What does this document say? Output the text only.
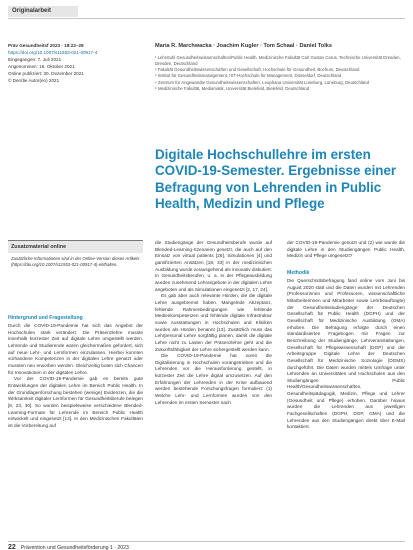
Originalarbeit
Präv Gesundheitsf 2023 · 18:22–29
https://doi.org/10.1007/s11553-021-00917-4
Eingegangen: 7. Juli 2021
Angenommen: 16. Oktober 2021
Online publiziert: 30. Dezember 2021
© Der/die Autor(en) 2021
Maria R. Marchwacka · Joachim Kugler · Tom Schaal · Daniel Tolks
¹ Lehrstuhl Gesundheitswissenschaften/Public Health, Medizinische Fakultät Carl Gustav Carus, Technische Universität Dresden, Dresden, Deutschland
² Fakultät Gesundheitswissenschaften und Gesellschaft, Hochschule für Gesundheit, Bochum, Deutschland
³ Institut für Gesundheitsmanagement, IST-Hochschule für Management, Düsseldorf, Deutschland
⁴ Zentrum für Angewandte Gesundheitswissenschaften, Leuphana Universität Lüneburg, Lüneburg, Deutschland
⁵ Medizinische Fakultät, Mediamatik, Universität Bielefeld, Bielefeld, Deutschland
Digitale Hochschullehre im ersten COVID-19-Semester. Ergebnisse einer Befragung von Lehrenden in Public Health, Medizin und Pflege
Zusatzmaterial online
Zusätzliche Informationen sind in der Online-Version dieses Artikels (https://doi.org/10.1007/s11553-021-00917-4) enthalten.
Hintergrund und Fragestellung

Durch die COVID-19-Pandemie hat sich das Angebot der Hochschulen stark verändert. Die Präsenzlehre musste innerhalb kürzester Zeit auf digitale Lehre umgestellt werden. Lehrende und Studierende waren gleichermaßen gefordert, sich auf neue Lehr- und Lernformen einzulassen. Hierbei konnten vorhandene Kompetenzen in der digitalen Lehre genutzt oder mussten neu erworben werden. Gleichzeitig boten sich Chancen für Innovationen in der digitalen Lehre.

Vor der COVID-19-Pandemie gab es bereits gute Entwicklungen der digitalen Lehre im Bereich Public Health. In der Grundlagenforschung bestehen (wenige) Evidenzen, die die Wirksamkeit digitaler Lernformen für Gesundheitsberufe belegen [8, 23, 30]. So wurden beispielsweise verschiedene Blended-Learning-Formate für Lehrende im Bereich Public Health entwickelt und eingesetzt [13]. In den Medizinischen Fakultäten ist die Vorbereitung auf

die Studiengänge der Gesundheitsberufe wurde auf Blended-Learning-Szenarien gesetzt, die auch auf den Einsatz von virtual patients [28], Simulationen [4] und gamifizierten Ansätzen [18, 33] in der medizinischen Ausbildung wurde vorausgehend als innovativ diskutiert. In Gesundheitsberufen, u. a. in der Pflegeausbildung wurden zunehmend Lehrangebote in der digitalen Lehre angeboten und als Simulationen eingesetzt [2, 17, 24].

Es gab aber auch relevante Hürden, die die digitale Lehre ausgebremst haben. Mangelnde Akzeptanz, fehlende Rahmenbedingungen wie fehlende Medienkompetenzen und fehlende digitale Infrastruktur sowie Ausstattungen in Hochschulen und Kliniken wurden als Hürden benannt [13]. Zusätzlich muss das Lehrpersonal Lehre sorgfältig planen, damit die digitale Lehre nicht zu Lasten der Präsenzlehre geht und die Zukunftsfähigkeit der Lehre sichergestellt werden kann.

Die COVID-19-Pandemie hat somit die Digitalisierung in Hochschulen vorangetrieben und die Lehrenden vor die Herausforderung gestellt, in kürzester Zeit die Lehre digital umzusetzen. Auf den Erfahrungen der Lehrenden in der Krise aufbauend werden bestehende Forschungsfragen formuliert: (1) Welche Lehr- und Lernformen wurden von den Lehrenden im ersten Semester nach

der COVID-19-Pandemie genutzt und (2) wie wurde die digitale Lehre in den Studiengängen Public Health, Medizin und Pflege umgesetzt?

Methodik

Die Querschnittsbefragung fand online vom Juni bis August 2020 statt und die Daten wurden mit Lehrenden (Professorinnen und Professoren, wissenschaftliche Mitarbeiterinnen und Mitarbeiter sowie Lehrbeauftragte) der Gesundheitsstudiengänge der Deutschen Gesellschaft für Public Health (DGPH) und der Gesellschaft für Medizinische Ausbildung (GMA) erhoben. Die Befragung erfolgte durch einen standardisierten Fragebogen mit Fragen zur Beschreibung der Studiengänge, Lehrveranstaltungen, Gesellschaft für Pflegewissenschaft (DGP) und der Arbeitsgruppe Digitale Lehre der Deutschen Gesellschaft für Medizinische Soziologie (DGMS) durchgeführt. Die Daten wurden mittels Umfrage unter Lehrenden an Universitäten und Hochschulen aus den Studiengängen Public Health/Gesundheitswissenschaften, Gesundheitspädagogik, Medizin, Pflege und Lehrer (Gesundheit und Pflege) erhoben. Darüber hinaus wurden die Lehrenden aus jeweiligen Fachgesellschaften (DGPH, DGP, GMA) und die Lehrenden aus den Studiengängen direkt über E-Mail kontaktiert.

22 Prävention und Gesundheitsförderung 1 · 2023
